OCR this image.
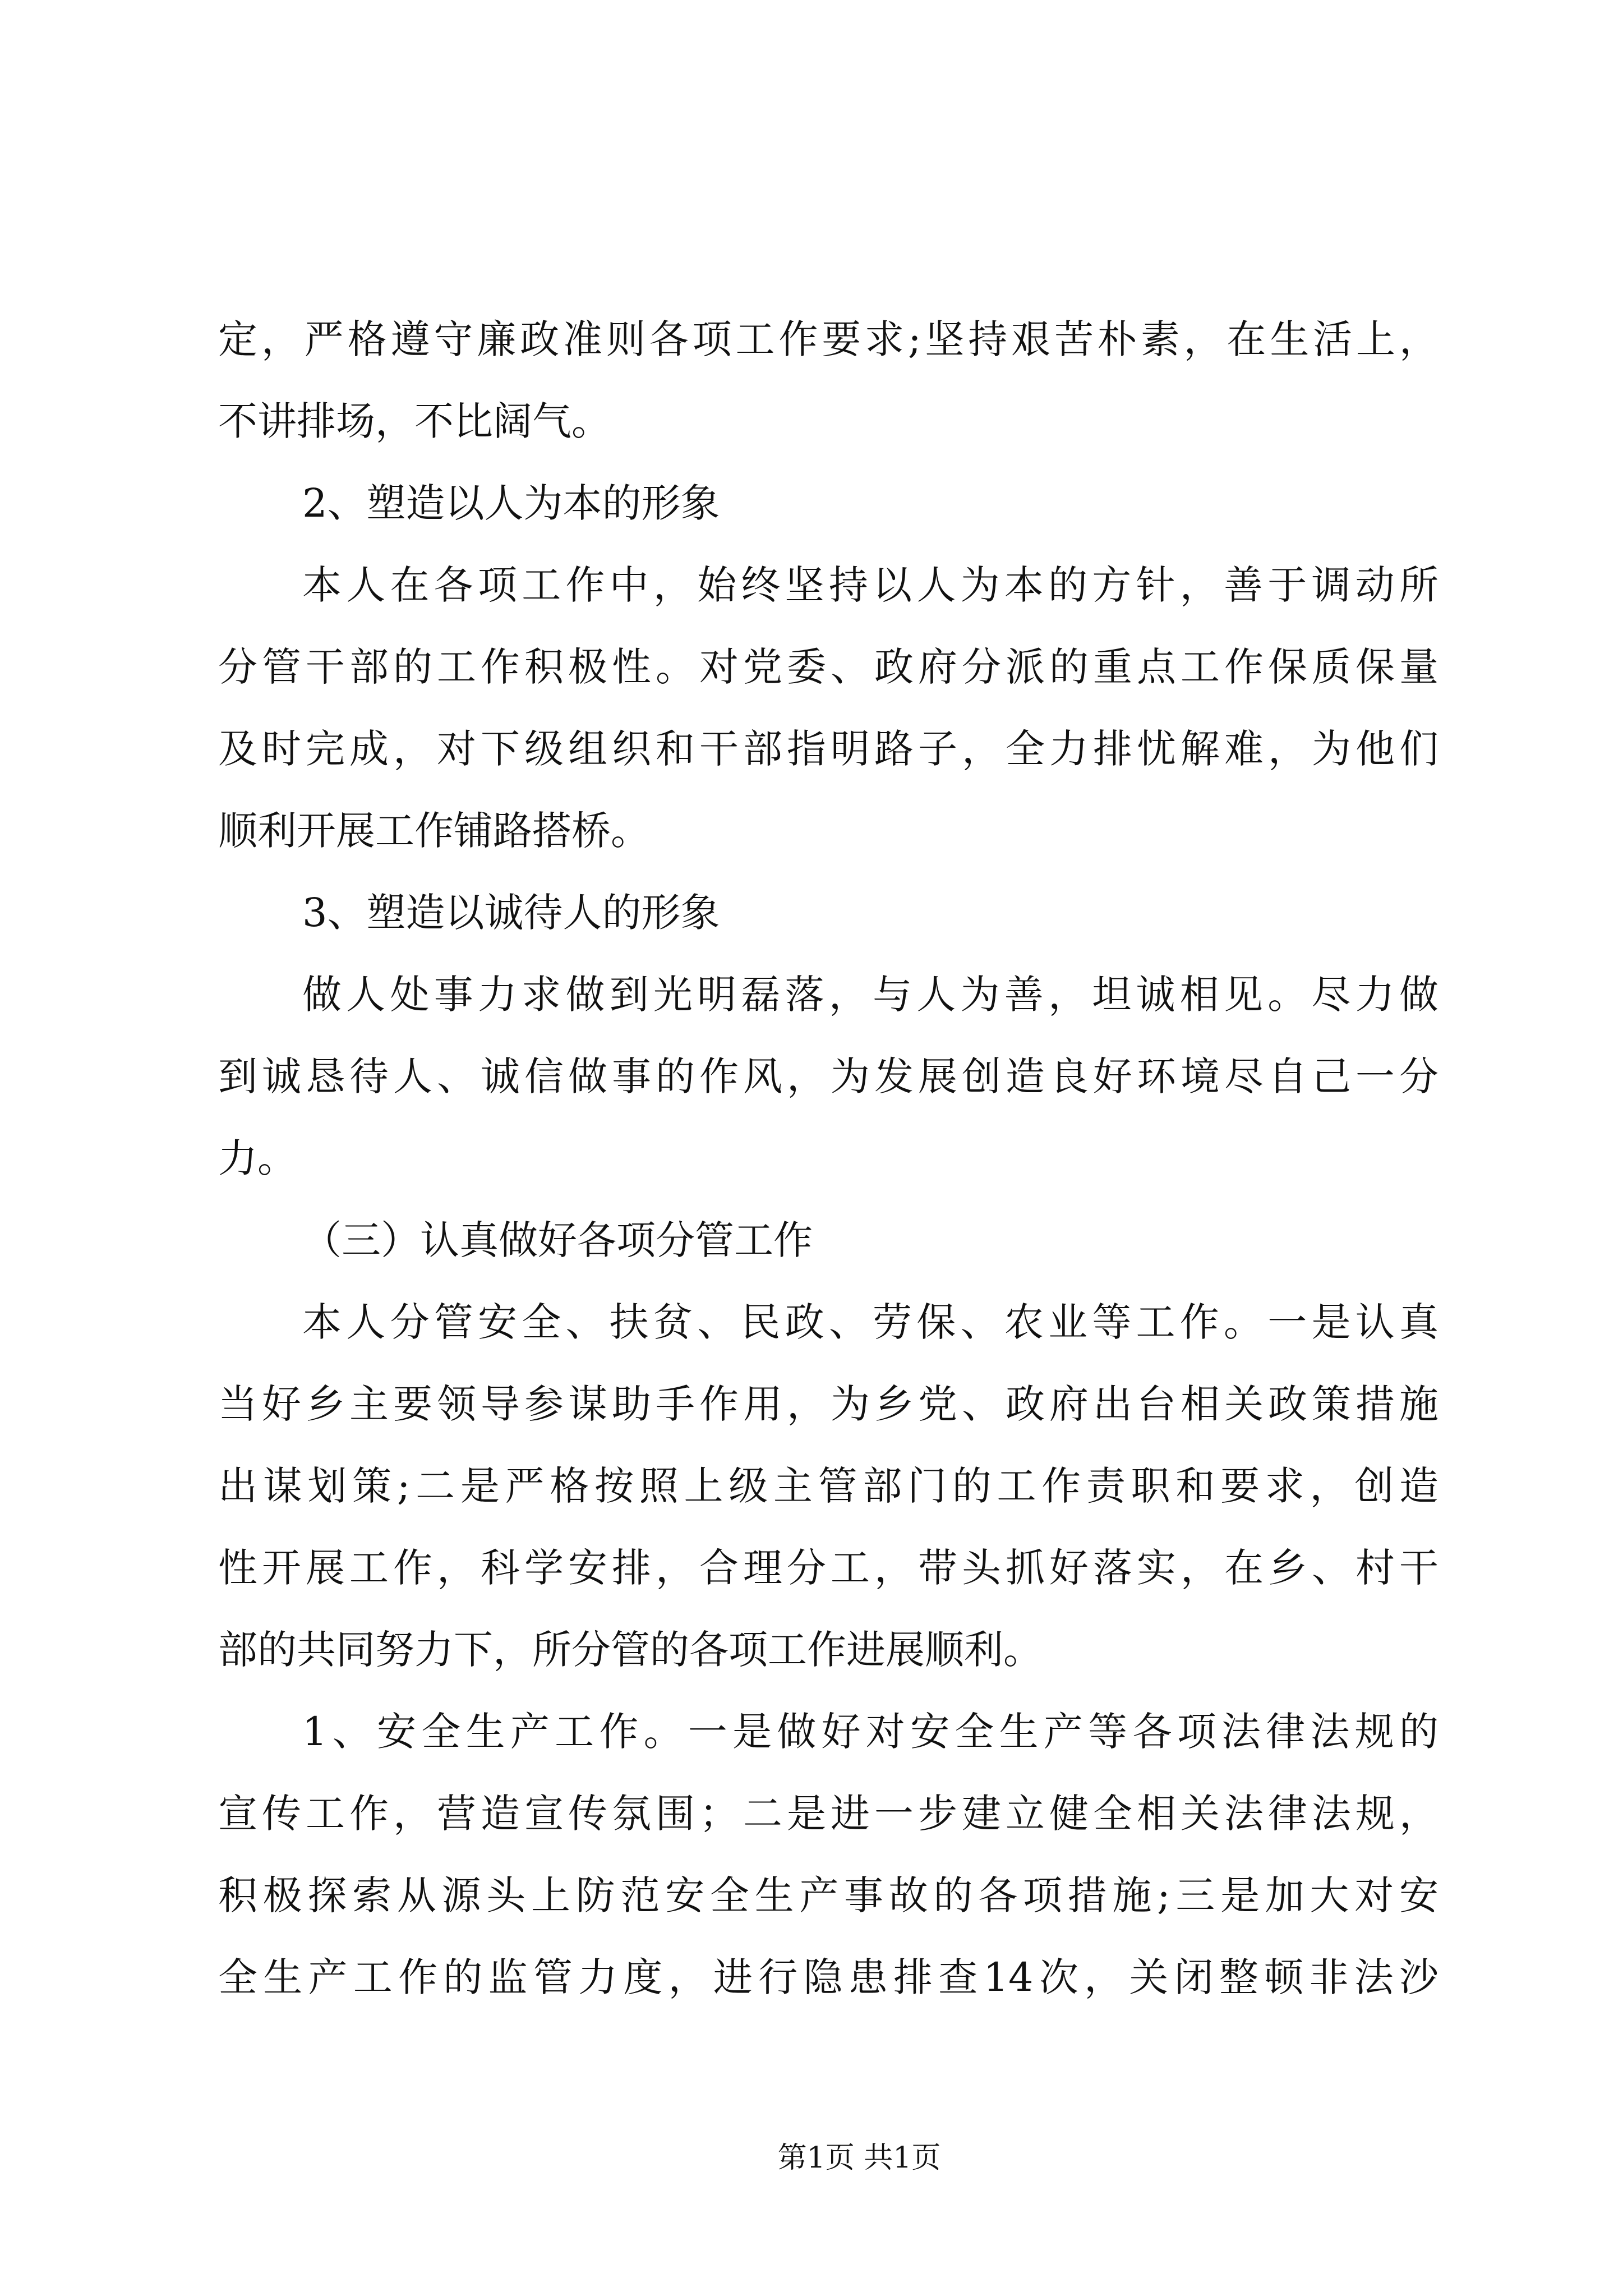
定，严格遵守廉政准则各项工作要求;坚持艰苦朴素，在生活上，
不讲排场，不比阔气。
2、塑造以人为本的形象
本人在各项工作中，始终坚持以人为本的方针，善于调动所
分管干部的工作积极性。对党委、政府分派的重点工作保质保量
及时完成，对下级组织和干部指明路子，全力排忧解难，为他们
顺利开展工作铺路搭桥。
3、塑造以诚待人的形象
做人处事力求做到光明磊落，与人为善，坦诚相见。尽力做
到诚恳待人、诚信做事的作风，为发展创造良好环境尽自己一分
力。
（三）认真做好各项分管工作
本人分管安全、扶贫、民政、劳保、农业等工作。一是认真
当好乡主要领导参谋助手作用，为乡党、政府出台相关政策措施
出谋划策;二是严格按照上级主管部门的工作责职和要求，创造
性开展工作，科学安排，合理分工，带头抓好落实，在乡、村干
部的共同努力下，所分管的各项工作进展顺利。
1、安全生产工作。一是做好对安全生产等各项法律法规的
宣传工作，营造宣传氛围；二是进一步建立健全相关法律法规，
积极探索从源头上防范安全生产事故的各项措施;三是加大对安
全生产工作的监管力度，进行隐患排查14次，关闭整顿非法沙
第1页 共1页
